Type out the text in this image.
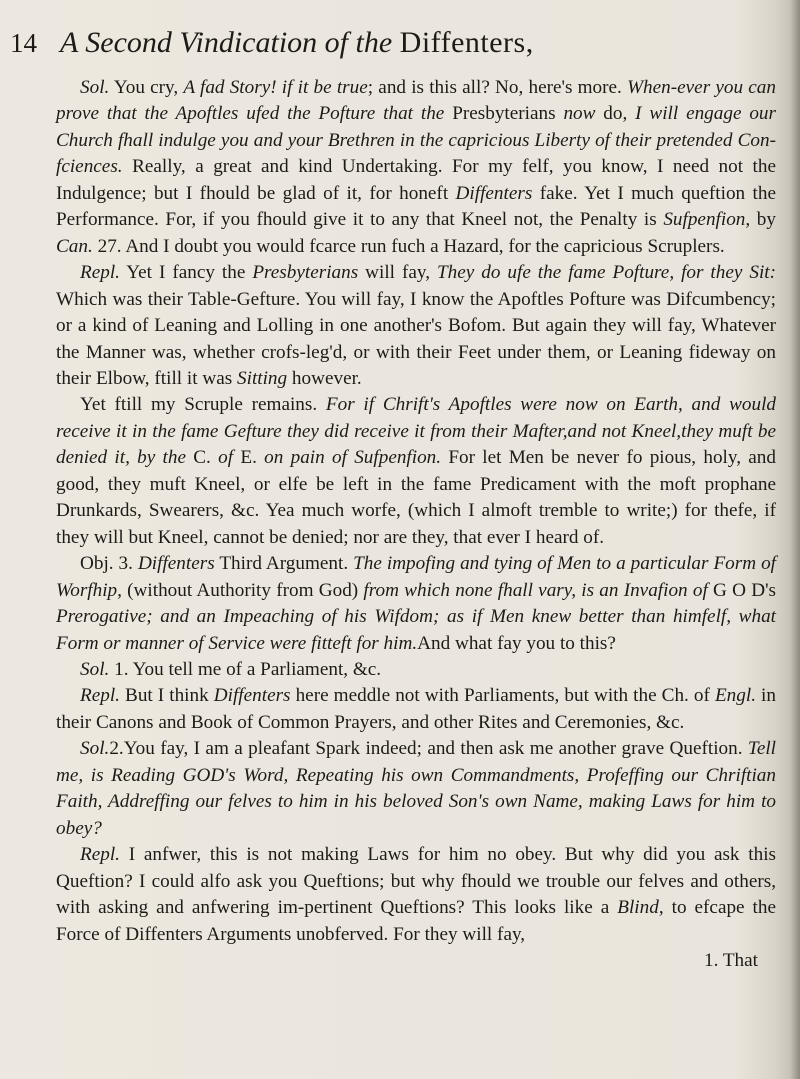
14 A Second Vindication of the Diffenters,

Sol. You cry, A fad Story! if it be true; and is this all? No, here's more. When-ever you can prove that the Apoftles ufed the Pofture that the Presbyterians now do, I will engage our Church fhall indulge you and your Brethren in the capricious Liberty of their pretended Con-fciences. Really, a great and kind Undertaking. For my felf, you know, I need not the Indulgence; but I fhould be glad of it, for honeft Diffenters fake. Yet I much queftion the Performance. For, if you fhould give it to any that Kneel not, the Penalty is Sufpenfion, by Can. 27. And I doubt you would fcarce run fuch a Hazard, for the capricious Scruplers.

Repl. Yet I fancy the Presbyterians will fay, They do ufe the fame Pofture, for they Sit: Which was their Table-Gefture. You will fay, I know the Apoftles Pofture was Difcumbency; or a kind of Leaning and Lolling in one another's Bofom. But again they will fay, Whatever the Manner was, whether crofs-leg'd, or with their Feet under them, or Leaning fideway on their Elbow, ftill it was Sitting however.

Yet ftill my Scruple remains. For if Chrift's Apoftles were now on Earth, and would receive it in the fame Gefture they did receive it from their Mafter,and not Kneel,they muft be denied it, by the C. of E. on pain of Sufpenfion. For let Men be never fo pious, holy, and good, they muft Kneel, or elfe be left in the fame Predicament with the moft prophane Drunkards, Swearers, &c. Yea much worfe, (which I almoft tremble to write;) for thefe, if they will but Kneel, cannot be denied; nor are they, that ever I heard of.

Obj. 3. Diffenters Third Argument. The impofing and tying of Men to a particular Form of Worfhip, (without Authority from God) from which none fhall vary, is an Invafion of G O D's Prerogative; and an Impeaching of his Wifdom; as if Men knew better than himfelf, what Form or manner of Service were fitteft for him.And what fay you to this?

Sol. 1. You tell me of a Parliament, &c.

Repl. But I think Diffenters here meddle not with Parliaments, but with the Ch. of Engl. in their Canons and Book of Common Prayers, and other Rites and Ceremonies, &c.

Sol.2.You fay, I am a pleafant Spark indeed; and then ask me another grave Queftion. Tell me, is Reading GOD's Word, Repeating his own Commandments, Profeffing our Chriftian Faith, Addreffing our felves to him in his beloved Son's own Name, making Laws for him to obey?

Repl. I anfwer, this is not making Laws for him no obey. But why did you ask this Queftion? I could alfo ask you Queftions; but why fhould we trouble our felves and others, with asking and anfwering im-pertinent Queftions? This looks like a Blind, to efcape the Force of Diffenters Arguments unobferved. For they will fay,

1. That
